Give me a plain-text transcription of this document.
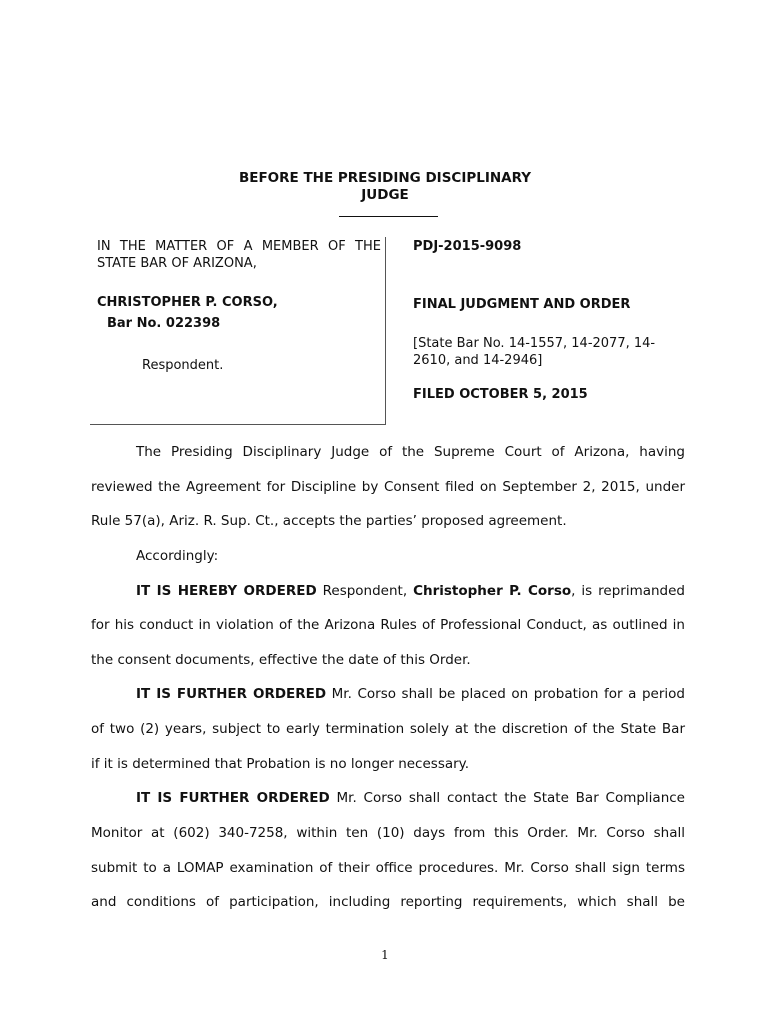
BEFORE THE PRESIDING DISCIPLINARY
JUDGE
IN THE MATTER OF A MEMBER OF THE
STATE BAR OF ARIZONA,
CHRISTOPHER P. CORSO,
Bar No. 022398
Respondent.
PDJ-2015-9098
FINAL JUDGMENT AND ORDER
[State Bar No. 14-1557, 14-2077, 14-
2610, and 14-2946]
FILED OCTOBER 5, 2015
The Presiding Disciplinary Judge of the Supreme Court of Arizona, having
reviewed the Agreement for Discipline by Consent filed on September 2, 2015, under
Rule 57(a), Ariz. R. Sup. Ct., accepts the parties’ proposed agreement.
Accordingly:
IT IS HEREBY ORDERED Respondent, Christopher P. Corso, is reprimanded
for his conduct in violation of the Arizona Rules of Professional Conduct, as outlined in
the consent documents, effective the date of this Order.
IT IS FURTHER ORDERED Mr. Corso shall be placed on probation for a period
of two (2) years, subject to early termination solely at the discretion of the State Bar
if it is determined that Probation is no longer necessary.
IT IS FURTHER ORDERED Mr. Corso shall contact the State Bar Compliance
Monitor at (602) 340-7258, within ten (10) days from this Order. Mr. Corso shall
submit to a LOMAP examination of their office procedures. Mr. Corso shall sign terms
and conditions of participation, including reporting requirements, which shall be
1
